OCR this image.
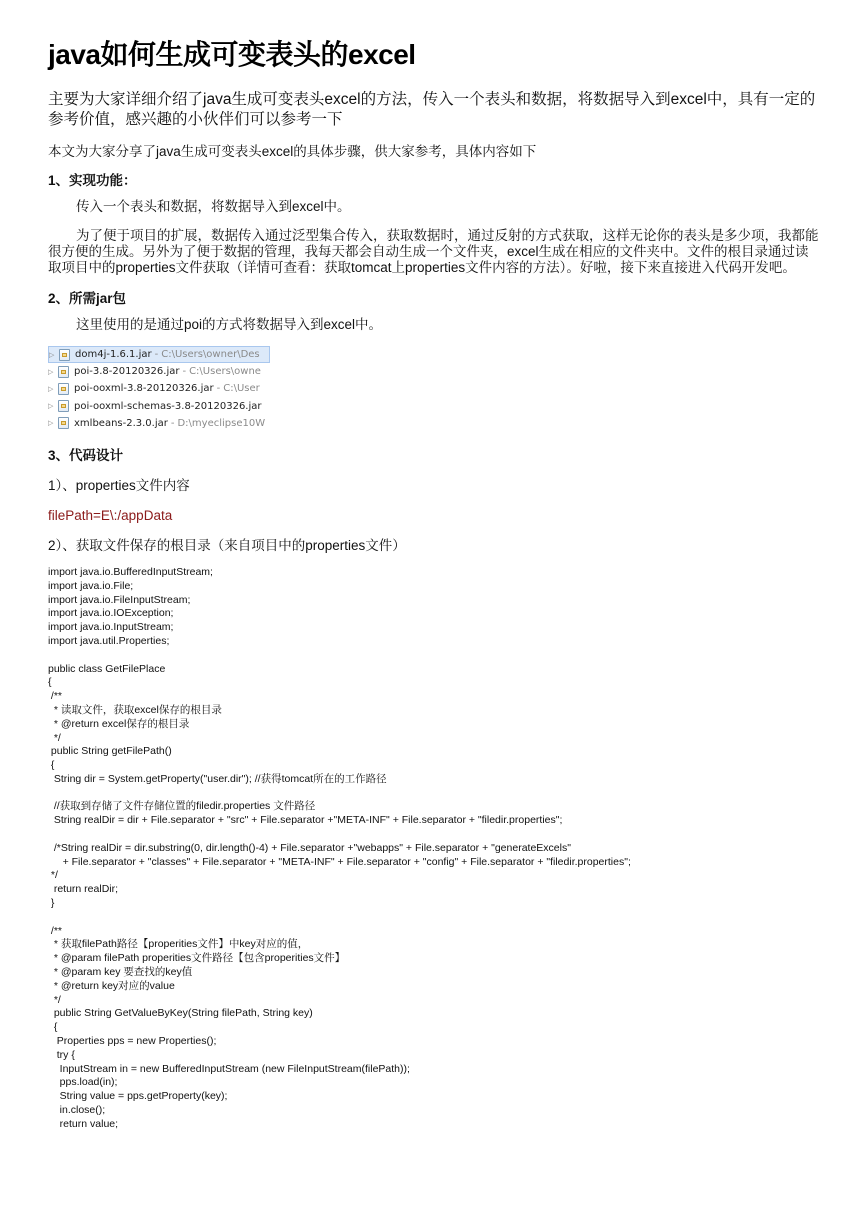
java如何生成可变表头的excel
主要为大家详细介绍了java生成可变表头excel的方法，传入一个表头和数据，将数据导入到excel中，具有一定的参考价值，感兴趣的小伙伴们可以参考一下
本文为大家分享了java生成可变表头excel的具体步骤，供大家参考，具体内容如下
1、实现功能：
传入一个表头和数据，将数据导入到excel中。
为了便于项目的扩展，数据传入通过泛型集合传入，获取数据时，通过反射的方式获取，这样无论你的表头是多少项，我都能很方便的生成。另外为了便于数据的管理，我每天都会自动生成一个文件夹，excel生成在相应的文件夹中。文件的根目录通过读取项目中的properties文件获取（详情可查看：获取tomcat上properties文件内容的方法）。好啦，接下来直接进入代码开发吧。
2、所需jar包
这里使用的是通过poi的方式将数据导入到excel中。
▷	dom4j-1.6.1.jar - C:\Users\owner\Des
▷	poi-3.8-20120326.jar - C:\Users\owne
▷	poi-ooxml-3.8-20120326.jar - C:\User
▷	poi-ooxml-schemas-3.8-20120326.jar
▷	xmlbeans-2.3.0.jar - D:\myeclipse10W
3、代码设计
1）、properties文件内容
filePath=E\:/appData
2）、获取文件保存的根目录（来自项目中的properties文件）
import java.io.BufferedInputStream;
import java.io.File;
import java.io.FileInputStream;
import java.io.IOException;
import java.io.InputStream;
import java.util.Properties;

public class GetFilePlace
{
/**
* 读取文件，获取excel保存的根目录
* @return excel保存的根目录
*/
public String getFilePath()
{
String dir = System.getProperty("user.dir"); //获得tomcat所在的工作路径

//获取到存储了文件存储位置的filedir.properties 文件路径
String realDir = dir + File.separator + "src" + File.separator +"META-INF" + File.separator + "filedir.properties";

/*String realDir = dir.substring(0, dir.length()-4) + File.separator +"webapps" + File.separator + "generateExcels"
+ File.separator + "classes" + File.separator + "META-INF" + File.separator + "config" + File.separator + "filedir.properties";
*/
return realDir;
}

/**
* 获取filePath路径【properities文件】中key对应的值，
* @param filePath properities文件路径【包含properities文件】
* @param key 要查找的key值
* @return key对应的value
*/
public String GetValueByKey(String filePath, String key)
{
Properties pps = new Properties();
try {
InputStream in = new BufferedInputStream (new FileInputStream(filePath));
pps.load(in);
String value = pps.getProperty(key);
in.close();
return value;
